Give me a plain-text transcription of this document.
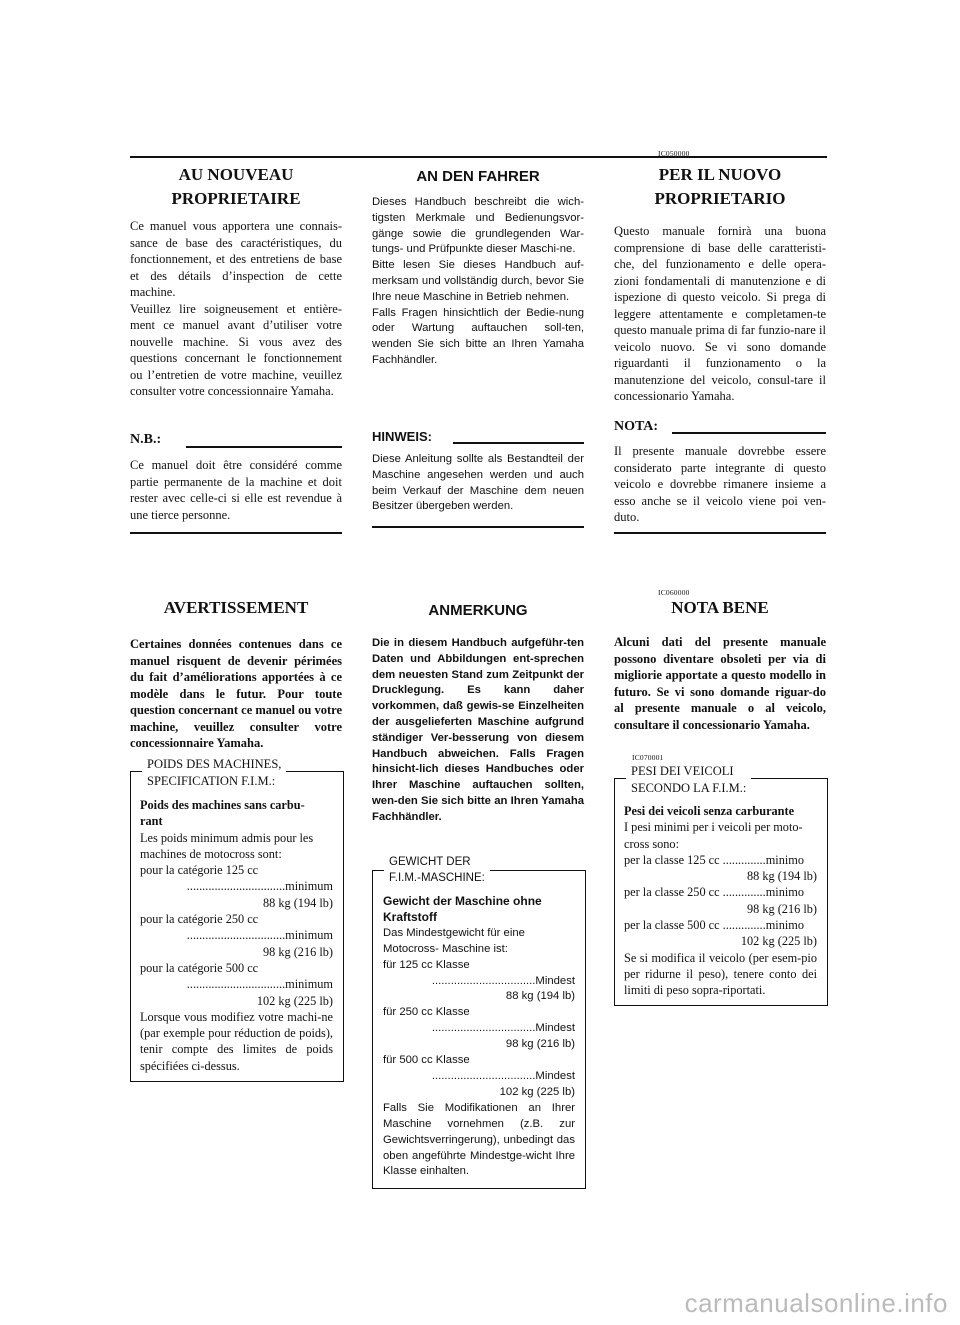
IC050000
IC060000
IC070001
AU NOUVEAU
PROPRIETAIRE
Ce manuel vous apportera une connais-sance de base des caractéristiques, du fonctionnement, et des entretiens de base et des détails d’inspection de cette machine.
Veuillez lire soigneusement et entière-ment ce manuel avant d’utiliser votre nouvelle machine. Si vous avez des questions concernant le fonctionnement ou l’entretien de votre machine, veuillez consulter votre concessionnaire Yamaha.
N.B.:
Ce manuel doit être considéré comme partie permanente de la machine et doit rester avec celle-ci si elle est revendue à une tierce personne.
AVERTISSEMENT
Certaines données contenues dans ce manuel risquent de devenir périmées du fait d’améliorations apportées à ce modèle dans le futur. Pour toute question concernant ce manuel ou votre machine, veuillez consulter votre concessionnaire Yamaha.
POIDS DES MACHINES,
SPECIFICATION F.I.M.:
Poids des machines sans carbu-
rant
Les poids minimum admis pour les
machines de motocross sont:
pour la catégorie 125 cc
................................minimum
88 kg (194 lb)
pour la catégorie 250 cc
................................minimum
98 kg (216 lb)
pour la catégorie 500 cc
................................minimum
102 kg (225 lb)
Lorsque vous modifiez votre machi-ne (par exemple pour réduction de poids), tenir compte des limites de poids spécifiées ci-dessus.
AN DEN FAHRER
Dieses Handbuch beschreibt die wich-tigsten Merkmale und Bedienungsvor-gänge sowie die grundlegenden War-tungs- und Prüfpunkte dieser Maschi-ne.
Bitte lesen Sie dieses Handbuch auf-merksam und vollständig durch, bevor Sie Ihre neue Maschine in Betrieb nehmen.
Falls Fragen hinsichtlich der Bedie-nung oder Wartung auftauchen soll-ten, wenden Sie sich bitte an Ihren Yamaha Fachhändler.
HINWEIS:
Diese Anleitung sollte als Bestandteil der Maschine angesehen werden und auch beim Verkauf der Maschine dem neuen Besitzer übergeben werden.
ANMERKUNG
Die in diesem Handbuch aufgeführ-ten Daten und Abbildungen ent-sprechen dem neuesten Stand zum Zeitpunkt der Drucklegung. Es kann daher vorkommen, daß gewis-se Einzelheiten der ausgelieferten Maschine aufgrund ständiger Ver-besserung von diesem Handbuch abweichen. Falls Fragen hinsicht-lich dieses Handbuches oder Ihrer Maschine auftauchen sollten, wen-den Sie sich bitte an Ihren Yamaha Fachhändler.
GEWICHT DER
F.I.M.-MASCHINE:
Gewicht der Maschine ohne
Kraftstoff
Das Mindestgewicht für eine
Motocross- Maschine ist:
für 125 cc Klasse
.................................Mindest
88 kg (194 lb)
für 250 cc Klasse
.................................Mindest
98 kg (216 lb)
für 500 cc Klasse
.................................Mindest
102 kg (225 lb)
Falls Sie Modifikationen an Ihrer Maschine vornehmen (z.B. zur Gewichtsverringerung), unbedingt das oben angeführte Mindestge-wicht Ihre Klasse einhalten.
PER IL NUOVO
PROPRIETARIO
Questo manuale fornirà una buona comprensione di base delle caratteristi-che, del funzionamento e delle opera-zioni fondamentali di manutenzione e di ispezione di questo veicolo. Si prega di leggere attentamente e completamen-te questo manuale prima di far funzio-nare il veicolo nuovo. Se vi sono domande riguardanti il funzionamento o la manutenzione del veicolo, consul-tare il concessionario Yamaha.
NOTA:
Il presente manuale dovrebbe essere considerato parte integrante di questo veicolo e dovrebbe rimanere insieme a esso anche se il veicolo viene poi ven-duto.
NOTA BENE
Alcuni dati del presente manuale possono diventare obsoleti per via di migliorie apportate a questo modello in futuro. Se vi sono domande riguar-do al presente manuale o al veicolo, consultare il concessionario Yamaha.
PESI DEI VEICOLI
SECONDO LA F.I.M.:
Pesi dei veicoli senza carburante
I pesi minimi per i veicoli per moto-
cross sono:
per la classe 125 cc ..............minimo
88 kg (194 lb)
per la classe 250 cc ..............minimo
98 kg (216 lb)
per la classe 500 cc ..............minimo
102 kg (225 lb)
Se si modifica il veicolo (per esem-pio per ridurne il peso), tenere conto dei limiti di peso sopra-riportati.
carmanualsonline.info
